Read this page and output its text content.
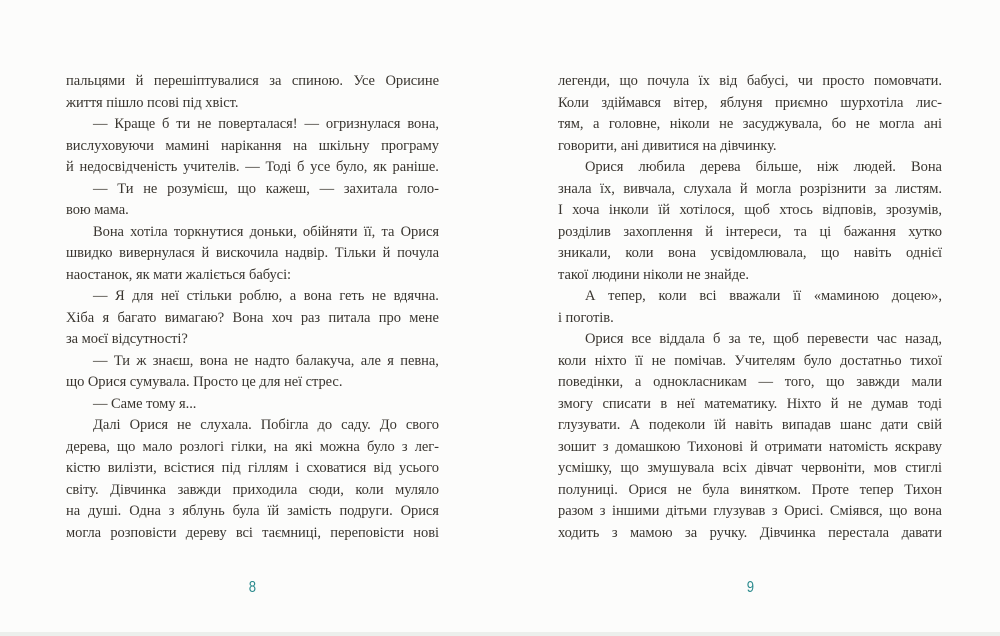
пальцями й перешіптувалися за спиною. Усе Орисине
життя пішло псові під хвіст.
— Краще б ти не поверталася! — огризнулася вона,
вислуховуючи мамині нарікання на шкільну програму
й недосвідченість учителів. — Тоді б усе було, як раніше.
— Ти не розумієш, що кажеш, — захитала голо-
вою мама.
Вона хотіла торкнутися доньки, обійняти її, та Орися
швидко вивернулася й вискочила надвір. Тільки й почула
наостанок, як мати жаліється бабусі:
— Я для неї стільки роблю, а вона геть не вдячна.
Хіба я багато вимагаю? Вона хоч раз питала про мене
за моєї відсутності?
— Ти ж знаєш, вона не надто балакуча, але я певна,
що Орися сумувала. Просто це для неї стрес.
— Саме тому я...
Далі Орися не слухала. Побігла до саду. До свого
дерева, що мало розлогі гілки, на які можна було з лег-
кістю вилізти, всістися під гіллям і сховатися від усього
світу. Дівчинка завжди приходила сюди, коли муляло
на душі. Одна з яблунь була їй замість подруги. Орися
могла розповісти дереву всі таємниці, переповісти нові
легенди, що почула їх від бабусі, чи просто помовчати.
Коли здіймався вітер, яблуня приємно шурхотіла лис-
тям, а головне, ніколи не засуджувала, бо не могла ані
говорити, ані дивитися на дівчинку.
Орися любила дерева більше, ніж людей. Вона
знала їх, вивчала, слухала й могла розрізнити за листям.
І хоча інколи їй хотілося, щоб хтось відповів, зрозумів,
розділив захоплення й інтереси, та ці бажання хутко
зникали, коли вона усвідомлювала, що навіть однієї
такої людини ніколи не знайде.
А тепер, коли всі вважали її «маминою доцею»,
і поготів.
Орися все віддала б за те, щоб перевести час назад,
коли ніхто її не помічав. Учителям було достатньо тихої
поведінки, а однокласникам — того, що завжди мали
змогу списати в неї математику. Ніхто й не думав тоді
глузувати. А подеколи їй навіть випадав шанс дати свій
зошит з домашкою Тихонові й отримати натомість яскраву
усмішку, що змушувала всіх дівчат червоніти, мов стиглі
полуниці. Орися не була винятком. Проте тепер Тихон
разом з іншими дітьми глузував з Орисі. Сміявся, що вона
ходить з мамою за ручку. Дівчинка перестала давати
8	9
